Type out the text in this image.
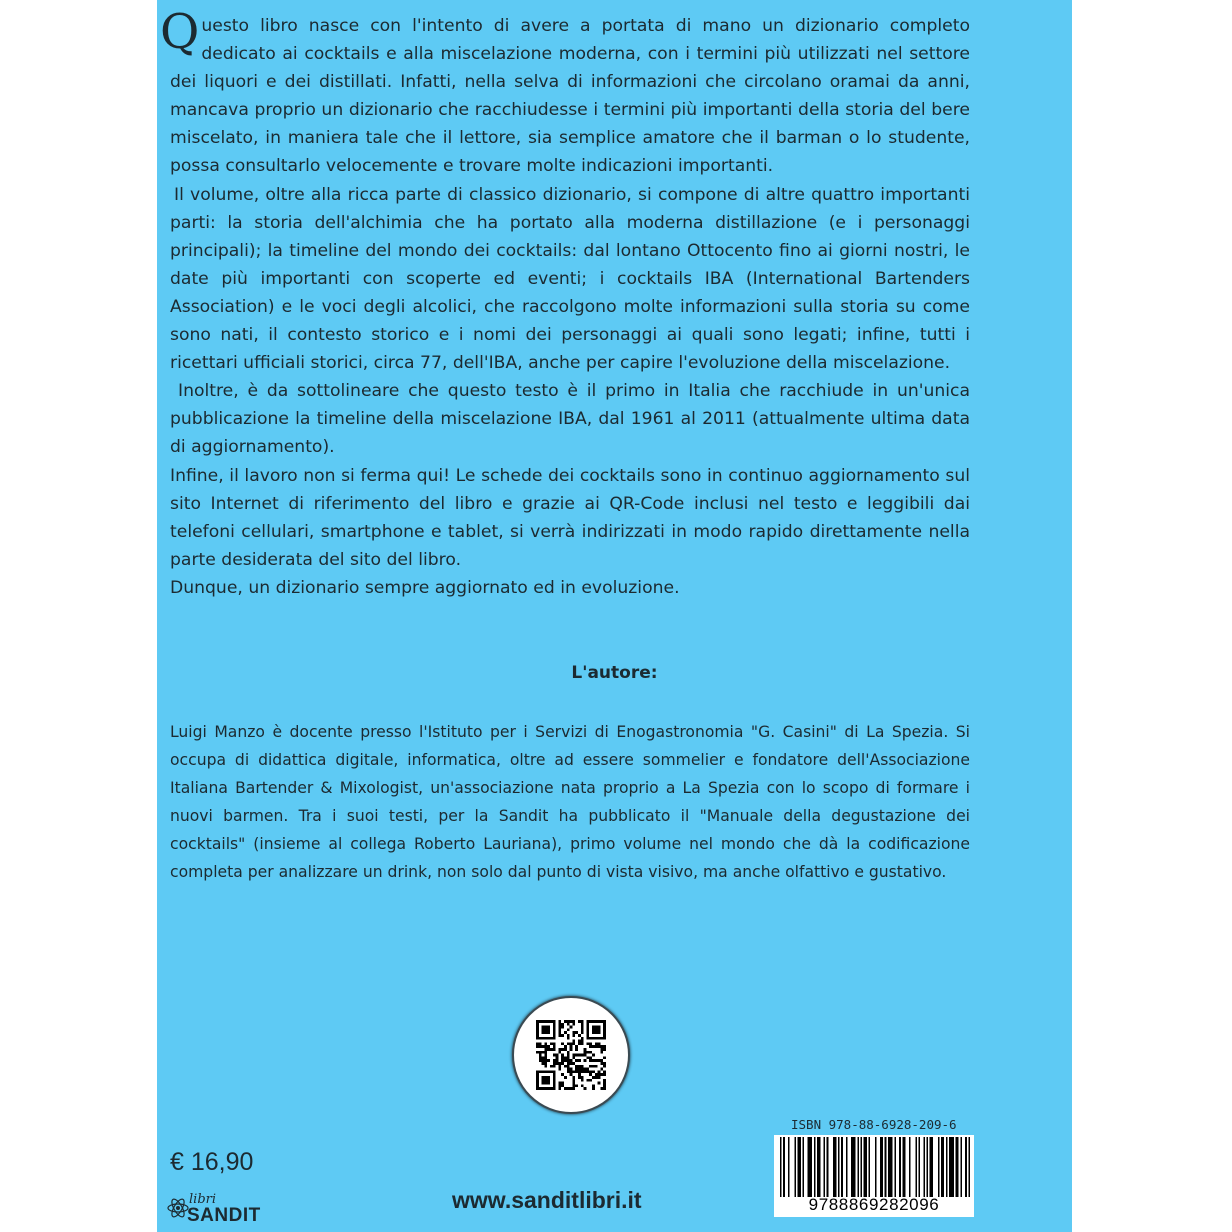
Questo libro nasce con l'intento di avere a portata di mano un dizionario completo dedicato ai cocktails e alla miscelazione moderna, con i termini più utilizzati nel settore dei liquori e dei distillati. Infatti, nella selva di informazioni che circolano oramai da anni, mancava proprio un dizionario che racchiudesse i termini più importanti della storia del bere miscelato, in maniera tale che il lettore, sia semplice amatore che il barman o lo studente, possa consultarlo velocemente e trovare molte indicazioni importanti.

Il volume, oltre alla ricca parte di classico dizionario, si compone di altre quattro importanti parti: la storia dell'alchimia che ha portato alla moderna distillazione (e i personaggi principali); la timeline del mondo dei cocktails: dal lontano Ottocento fino ai giorni nostri, le date più importanti con scoperte ed eventi; i cocktails IBA (International Bartenders Association) e le voci degli alcolici, che raccolgono molte informazioni sulla storia su come sono nati, il contesto storico e i nomi dei personaggi ai quali sono legati; infine, tutti i ricettari ufficiali storici, circa 77, dell'IBA, anche per capire l'evoluzione della miscelazione.

Inoltre, è da sottolineare che questo testo è il primo in Italia che racchiude in un'unica pubblicazione la timeline della miscelazione IBA, dal 1961 al 2011 (attualmente ultima data di aggiornamento).

Infine, il lavoro non si ferma qui! Le schede dei cocktails sono in continuo aggiornamento sul sito Internet di riferimento del libro e grazie ai QR-Code inclusi nel testo e leggibili dai telefoni cellulari, smartphone e tablet, si verrà indirizzati in modo rapido direttamente nella parte desiderata del sito del libro.

Dunque, un dizionario sempre aggiornato ed in evoluzione.

L'autore:
Luigi Manzo è docente presso l'Istituto per i Servizi di Enogastronomia "G. Casini" di La Spezia. Si occupa di didattica digitale, informatica, oltre ad essere sommelier e fondatore dell'Associazione Italiana Bartender & Mixologist, un'associazione nata proprio a La Spezia con lo scopo di formare i nuovi barmen. Tra i suoi testi, per la Sandit ha pubblicato il "Manuale della degustazione dei cocktails" (insieme al collega Roberto Lauriana), primo volume nel mondo che dà la codificazione completa per analizzare un drink, non solo dal punto di vista visivo, ma anche olfattivo e gustativo.
€ 16,90
libri
SANDIT
www.sanditlibri.it
ISBN 978-88-6928-209-6
9788869282096
